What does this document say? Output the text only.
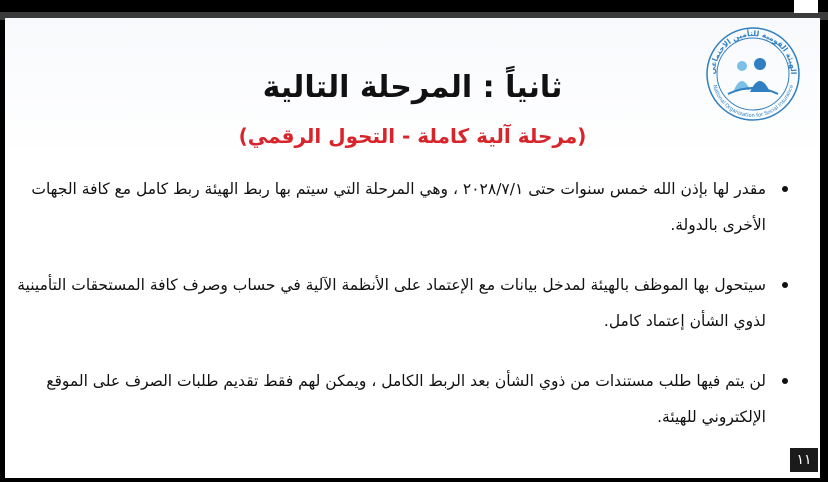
الهيئة القومية للتأمين الاجتماعي
National Organization for Social Insurance
ثانياً : المرحلة التالية
(مرحلة آلية كاملة - التحول الرقمي)
مقدر لها بإذن الله خمس سنوات حتى ٢٠٢٨/٧/١ ، وهي المرحلة التي سيتم بها ربط الهيئة ربط كامل مع كافة الجهات الأخرى بالدولة.
سيتحول بها الموظف بالهيئة لمدخل بيانات مع الإعتماد على الأنظمة الآلية في حساب وصرف كافة المستحقات التأمينية لذوي الشأن إعتماد كامل.
لن يتم فيها طلب مستندات من ذوي الشأن بعد الربط الكامل ، ويمكن لهم فقط تقديم طلبات الصرف على الموقع الإلكتروني للهيئة.
١١
